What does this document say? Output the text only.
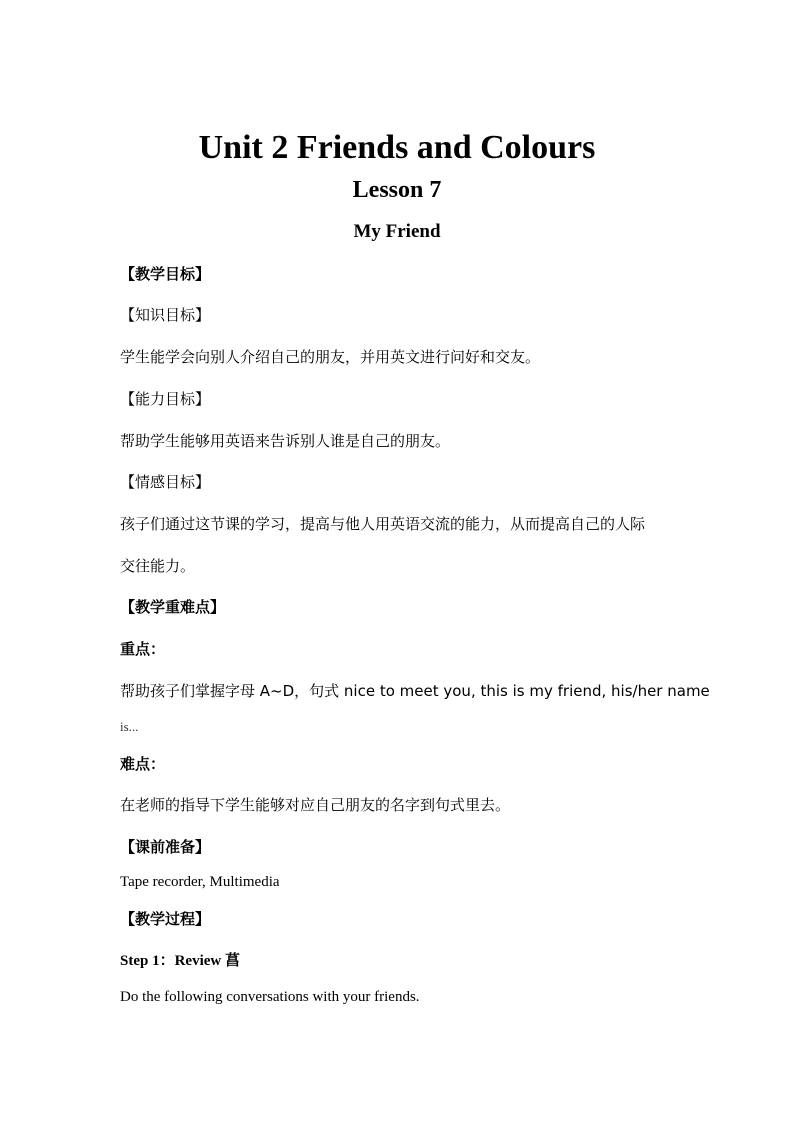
Unit 2 Friends and Colours
Lesson 7
My Friend
【教学目标】
【知识目标】
学生能学会向别人介绍自己的朋友，并用英文进行问好和交友。
【能力目标】
帮助学生能够用英语来告诉别人谁是自己的朋友。
【情感目标】
孩子们通过这节课的学习，提高与他人用英语交流的能力，从而提高自己的人际
交往能力。
【教学重难点】
重点：
帮助孩子们掌握字母 A~D，句式 nice to meet you, this is my friend, his/her name
is...
难点：
在老师的指导下学生能够对应自己朋友的名字到句式里去。
【课前准备】
Tape recorder, Multimedia
【教学过程】
Step 1：Review 菖
Do the following conversations with your friends.
